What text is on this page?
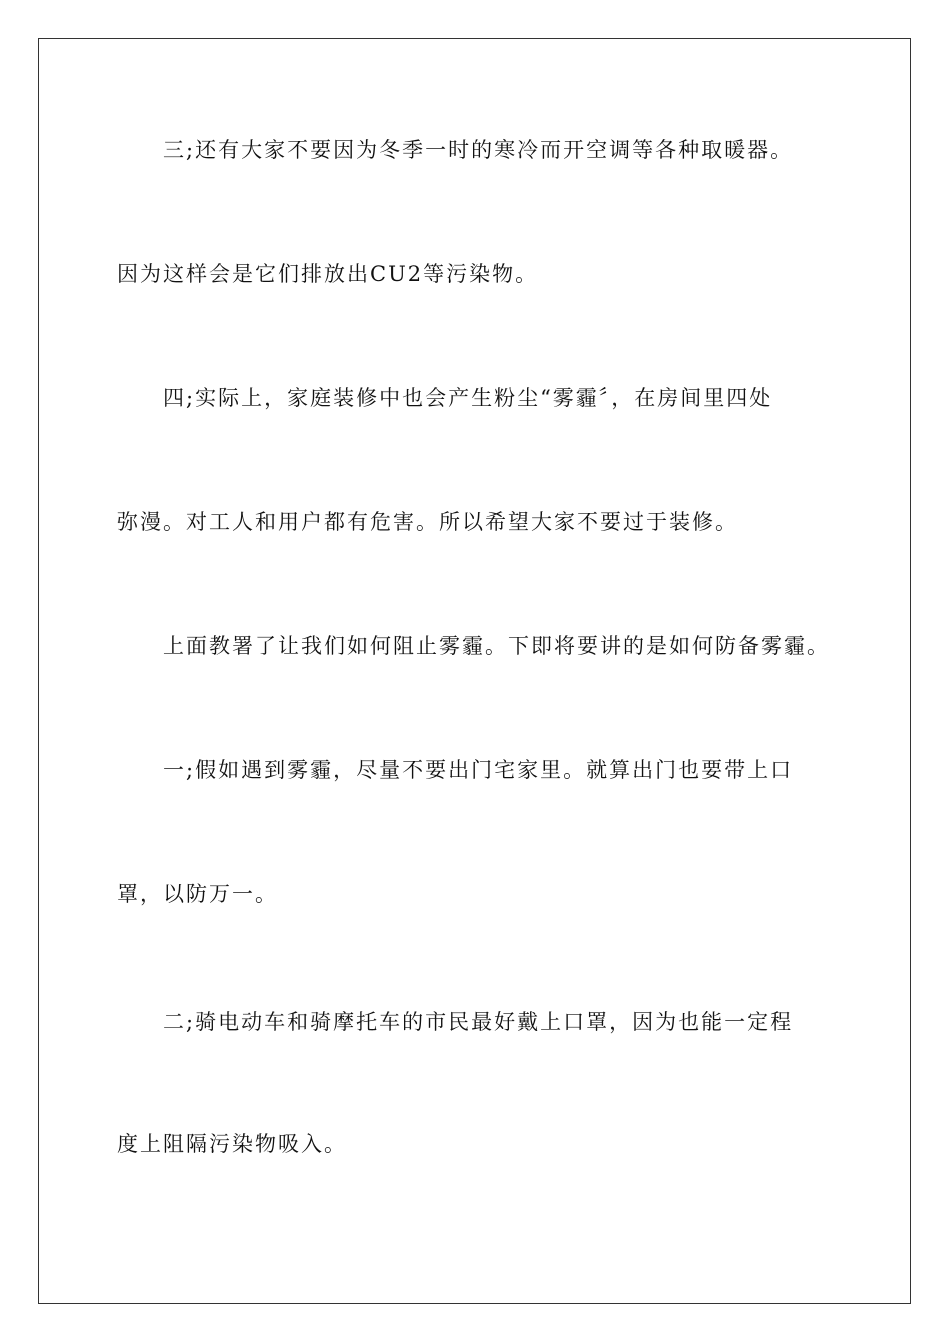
三;还有大家不要因为冬季一时的寒冷而开空调等各种取暖器。
因为这样会是它们排放出CU2等污染物。
四;实际上，家庭装修中也会产生粉尘“雾霾〞，在房间里四处
弥漫。对工人和用户都有危害。所以希望大家不要过于装修。
上面教署了让我们如何阻止雾霾。下即将要讲的是如何防备雾霾。
一;假如遇到雾霾，尽量不要出门宅家里。就算出门也要带上口
罩，以防万一。
二;骑电动车和骑摩托车的市民最好戴上口罩，因为也能一定程
度上阻隔污染物吸入。
